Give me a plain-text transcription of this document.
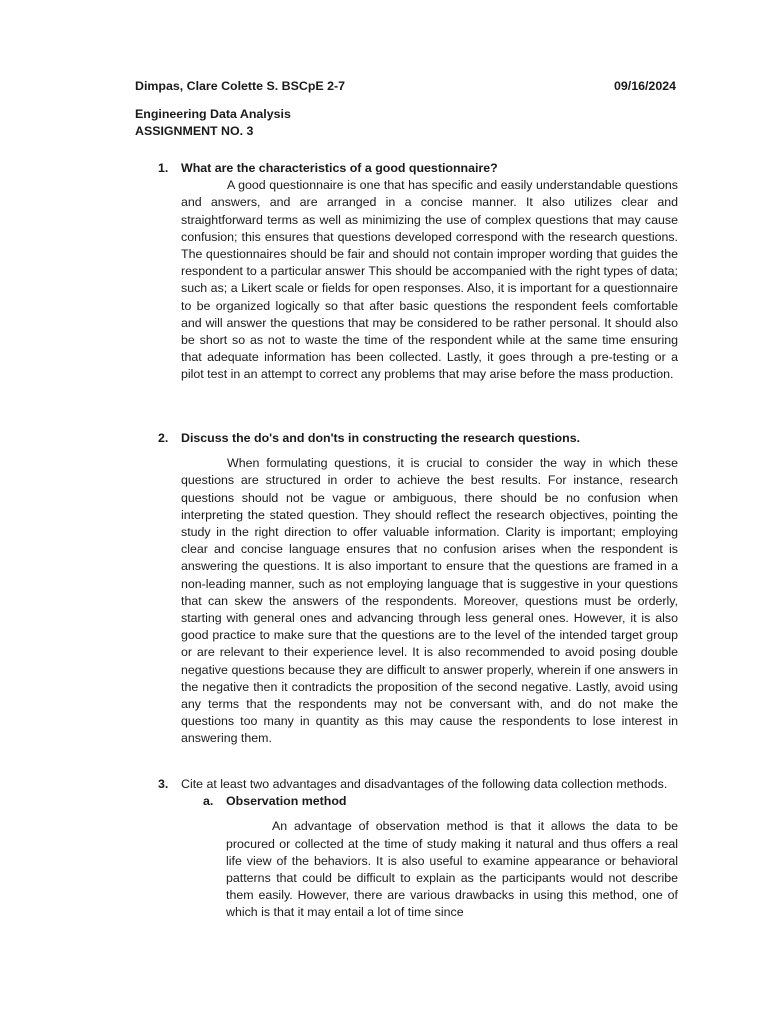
Dimpas, Clare Colette S. BSCpE 2-7	09/16/2024
Engineering Data Analysis
ASSIGNMENT NO. 3
1.	What are the characteristics of a good questionnaire?
A good questionnaire is one that has specific and easily understandable questions and answers, and are arranged in a concise manner. It also utilizes clear and straightforward terms as well as minimizing the use of complex questions that may cause confusion; this ensures that questions developed correspond with the research questions. The questionnaires should be fair and should not contain improper wording that guides the respondent to a particular answer This should be accompanied with the right types of data; such as; a Likert scale or fields for open responses. Also, it is important for a questionnaire to be organized logically so that after basic questions the respondent feels comfortable and will answer the questions that may be considered to be rather personal. It should also be short so as not to waste the time of the respondent while at the same time ensuring that adequate information has been collected. Lastly, it goes through a pre-testing or a pilot test in an attempt to correct any problems that may arise before the mass production.
2.	Discuss the do's and don'ts in constructing the research questions.
When formulating questions, it is crucial to consider the way in which these questions are structured in order to achieve the best results. For instance, research questions should not be vague or ambiguous, there should be no confusion when interpreting the stated question. They should reflect the research objectives, pointing the study in the right direction to offer valuable information. Clarity is important; employing clear and concise language ensures that no confusion arises when the respondent is answering the questions. It is also important to ensure that the questions are framed in a non-leading manner, such as not employing language that is suggestive in your questions that can skew the answers of the respondents. Moreover, questions must be orderly, starting with general ones and advancing through less general ones. However, it is also good practice to make sure that the questions are to the level of the intended target group or are relevant to their experience level. It is also recommended to avoid posing double negative questions because they are difficult to answer properly, wherein if one answers in the negative then it contradicts the proposition of the second negative. Lastly, avoid using any terms that the respondents may not be conversant with, and do not make the questions too many in quantity as this may cause the respondents to lose interest in answering them.
3.	Cite at least two advantages and disadvantages of the following data collection methods.
a. Observation method
An advantage of observation method is that it allows the data to be procured or collected at the time of study making it natural and thus offers a real life view of the behaviors. It is also useful to examine appearance or behavioral patterns that could be difficult to explain as the participants would not describe them easily. However, there are various drawbacks in using this method, one of which is that it may entail a lot of time since
